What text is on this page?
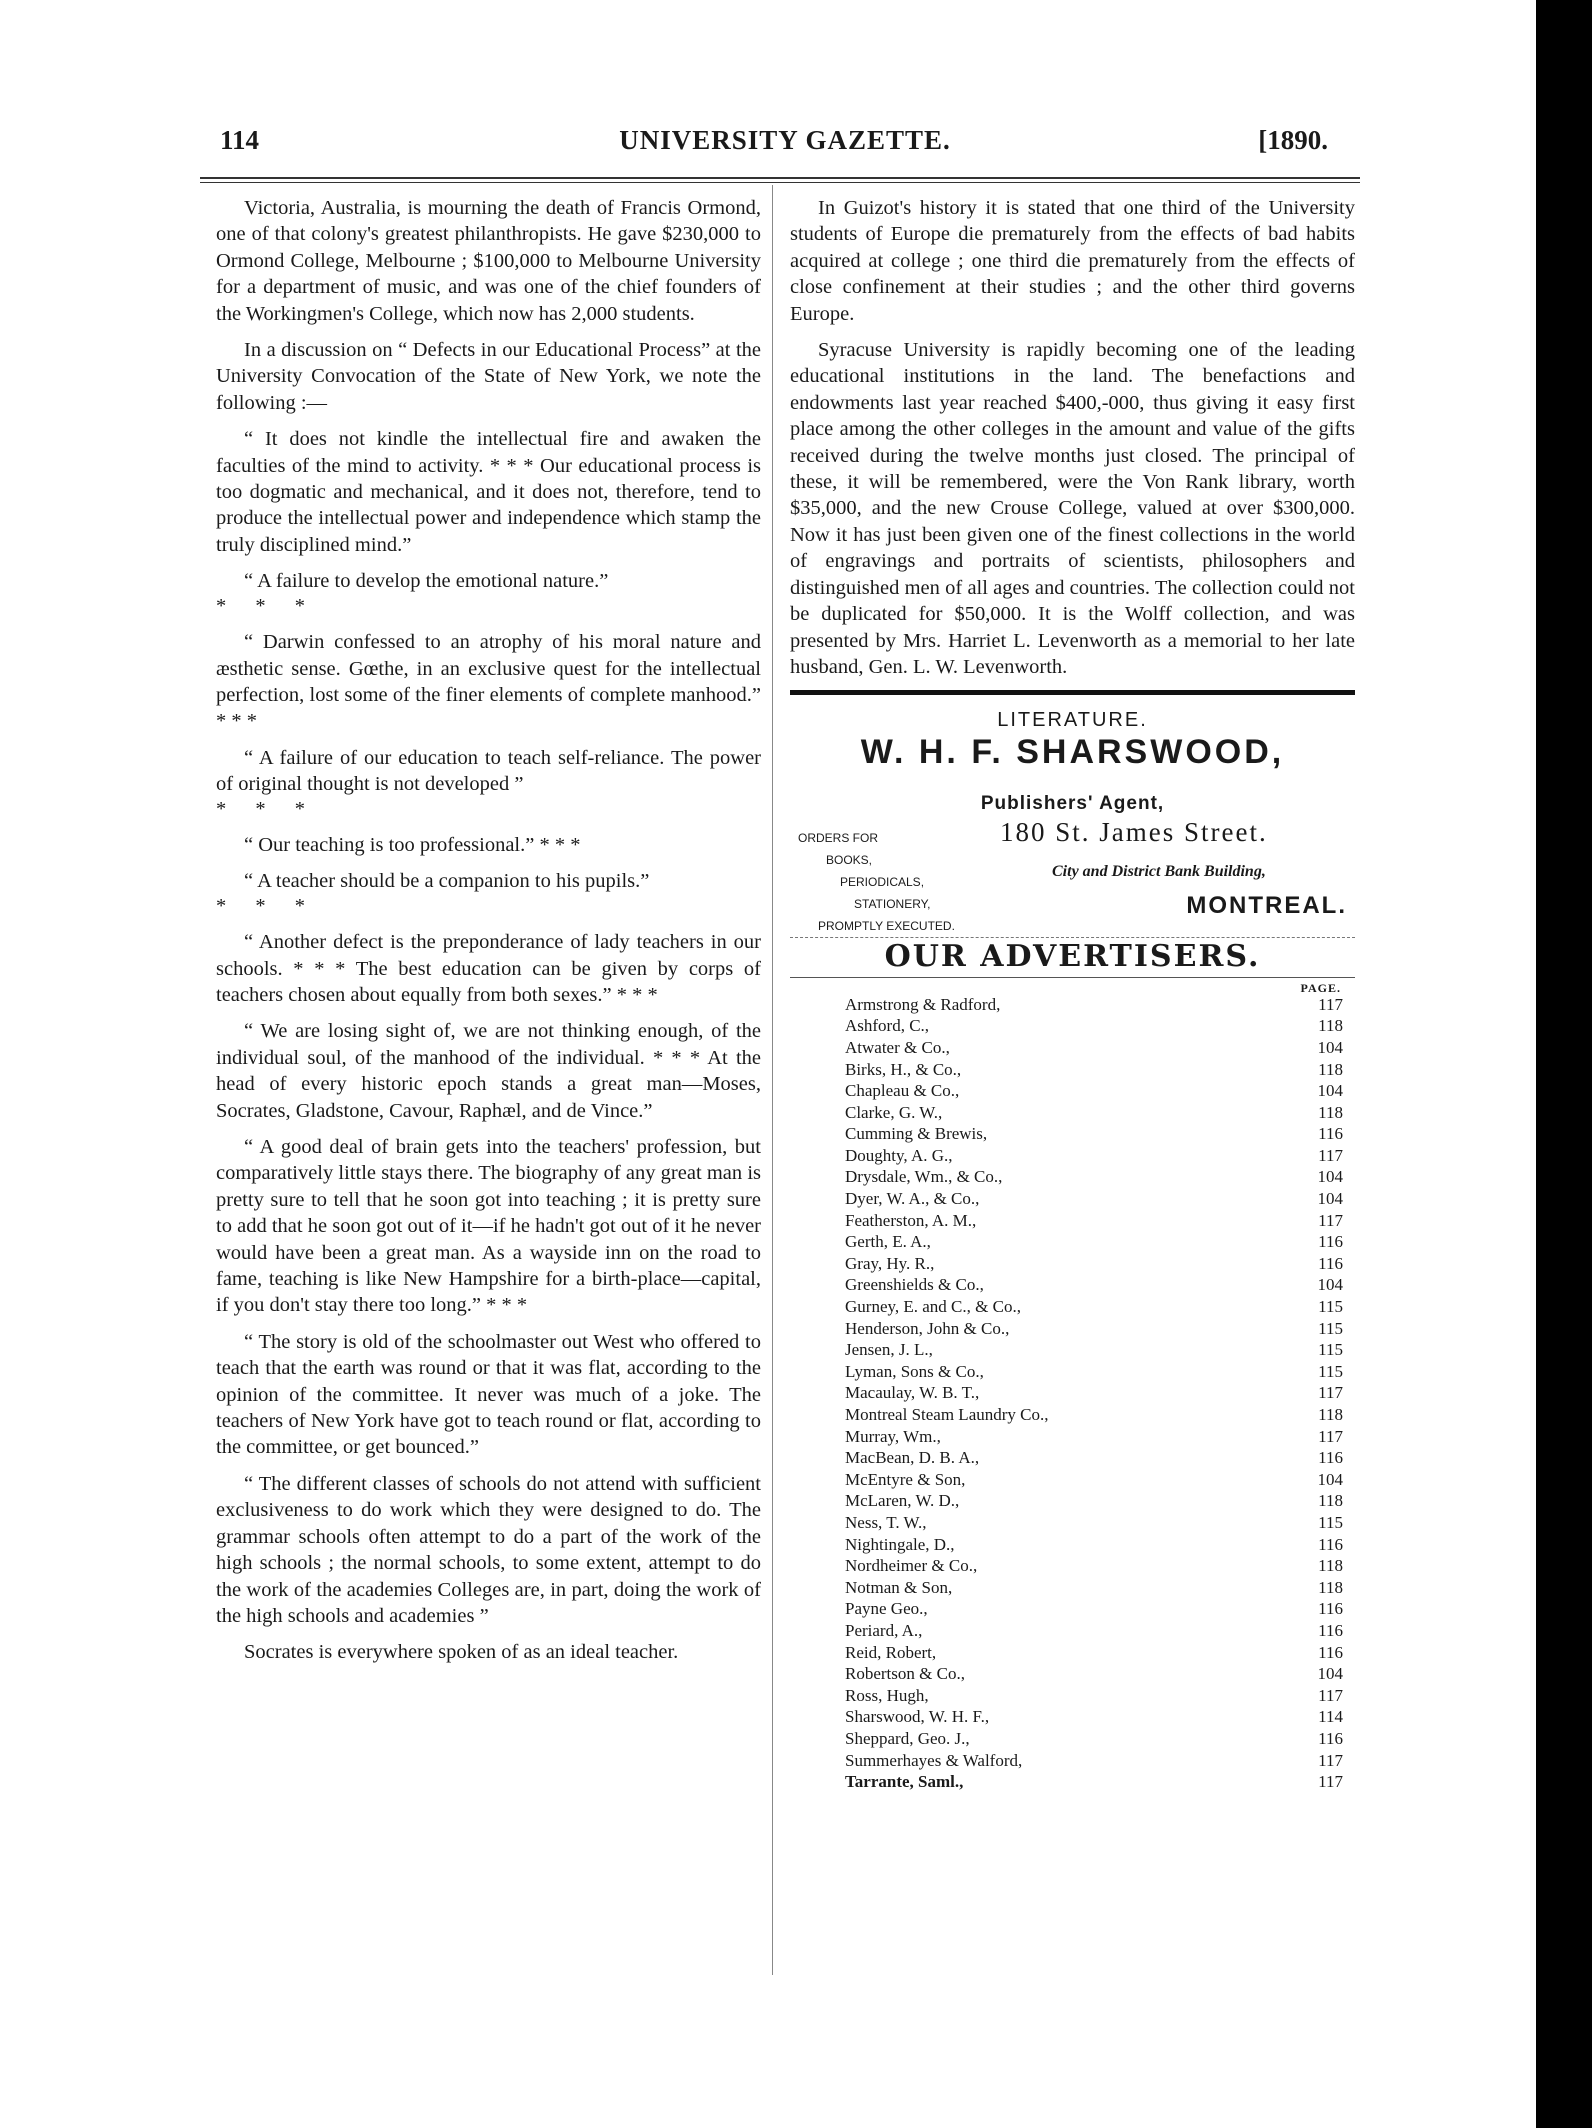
114	UNIVERSITY GAZETTE.	[1890.

Victoria, Australia, is mourning the death of Francis Ormond, one of that colony's greatest philanthropists. He gave $230,000 to Ormond College, Melbourne ; $100,000 to Melbourne University for a department of music, and was one of the chief founders of the Workingmen's College, which now has 2,000 students.

In a discussion on “ Defects in our Educational Process” at the University Convocation of the State of New York, we note the following :—

“ It does not kindle the intellectual fire and awaken the faculties of the mind to activity. * * * Our educational process is too dogmatic and mechanical, and it does not, therefore, tend to produce the intellectual power and independence which stamp the truly disciplined mind.”

“ A failure to develop the emotional nature.”

* * *

“ Darwin confessed to an atrophy of his moral nature and æsthetic sense. Gœthe, in an exclusive quest for the intellectual perfection, lost some of the finer elements of complete manhood.” * * *

“ A failure of our education to teach self-reliance. The power of original thought is not developed ”

* * *

“ Our teaching is too professional.” * * *

“ A teacher should be a companion to his pupils.”

* * *

“ Another defect is the preponderance of lady teachers in our schools. * * * The best education can be given by corps of teachers chosen about equally from both sexes.” * * *

“ We are losing sight of, we are not thinking enough, of the individual soul, of the manhood of the individual. * * * At the head of every historic epoch stands a great man—Moses, Socrates, Gladstone, Cavour, Raphæl, and de Vince.”

“ A good deal of brain gets into the teachers' profession, but comparatively little stays there. The biography of any great man is pretty sure to tell that he soon got into teaching ; it is pretty sure to add that he soon got out of it—if he hadn't got out of it he never would have been a great man. As a wayside inn on the road to fame, teaching is like New Hampshire for a birth-place—capital, if you don't stay there too long.” * * *

“ The story is old of the schoolmaster out West who offered to teach that the earth was round or that it was flat, according to the opinion of the committee. It never was much of a joke. The teachers of New York have got to teach round or flat, according to the committee, or get bounced.”

“ The different classes of schools do not attend with sufficient exclusiveness to do work which they were designed to do. The grammar schools often attempt to do a part of the work of the high schools ; the normal schools, to some extent, attempt to do the work of the academies Colleges are, in part, doing the work of the high schools and academies ”

Socrates is everywhere spoken of as an ideal teacher.

In Guizot's history it is stated that one third of the University students of Europe die prematurely from the effects of bad habits acquired at college ; one third die prematurely from the effects of close confinement at their studies ; and the other third governs Europe.

Syracuse University is rapidly becoming one of the leading educational institutions in the land. The benefactions and endowments last year reached $400,-000, thus giving it easy first place among the other colleges in the amount and value of the gifts received during the twelve months just closed. The principal of these, it will be remembered, were the Von Rank library, worth $35,000, and the new Crouse College, valued at over $300,000. Now it has just been given one of the finest collections in the world of engravings and portraits of scientists, philosophers and distinguished men of all ages and countries. The collection could not be duplicated for $50,000. It is the Wolff collection, and was presented by Mrs. Harriet L. Levenworth as a memorial to her late husband, Gen. L. W. Levenworth.

LITERATURE.
W. H. F. SHARSWOOD,
Publishers' Agent,
ORDERS FOR
BOOKS,
PERIODICALS,
STATIONERY,
PROMPTLY EXECUTED.
180 St. James Street.
City and District Bank Building,
MONTREAL.
OUR ADVERTISERS.
PAGE.
Armstrong & Radford,	117
Ashford, C.,	118
Atwater & Co.,	104
Birks, H., & Co.,	118
Chapleau & Co.,	104
Clarke, G. W.,	118
Cumming & Brewis,	116
Doughty, A. G.,	117
Drysdale, Wm., & Co.,	104
Dyer, W. A., & Co.,	104
Featherston, A. M.,	117
Gerth, E. A.,	116
Gray, Hy. R.,	116
Greenshields & Co.,	104
Gurney, E. and C., & Co.,	115
Henderson, John & Co.,	115
Jensen, J. L.,	115
Lyman, Sons & Co.,	115
Macaulay, W. B. T.,	117
Montreal Steam Laundry Co.,	118
Murray, Wm.,	117
MacBean, D. B. A.,	116
McEntyre & Son,	104
McLaren, W. D.,	118
Ness, T. W.,	115
Nightingale, D.,	116
Nordheimer & Co.,	118
Notman & Son,	118
Payne Geo.,	116
Periard, A.,	116
Reid, Robert,	116
Robertson & Co.,	104
Ross, Hugh,	117
Sharswood, W. H. F.,	114
Sheppard, Geo. J.,	116
Summerhayes & Walford,	117
Tarrante, Saml.,	117
